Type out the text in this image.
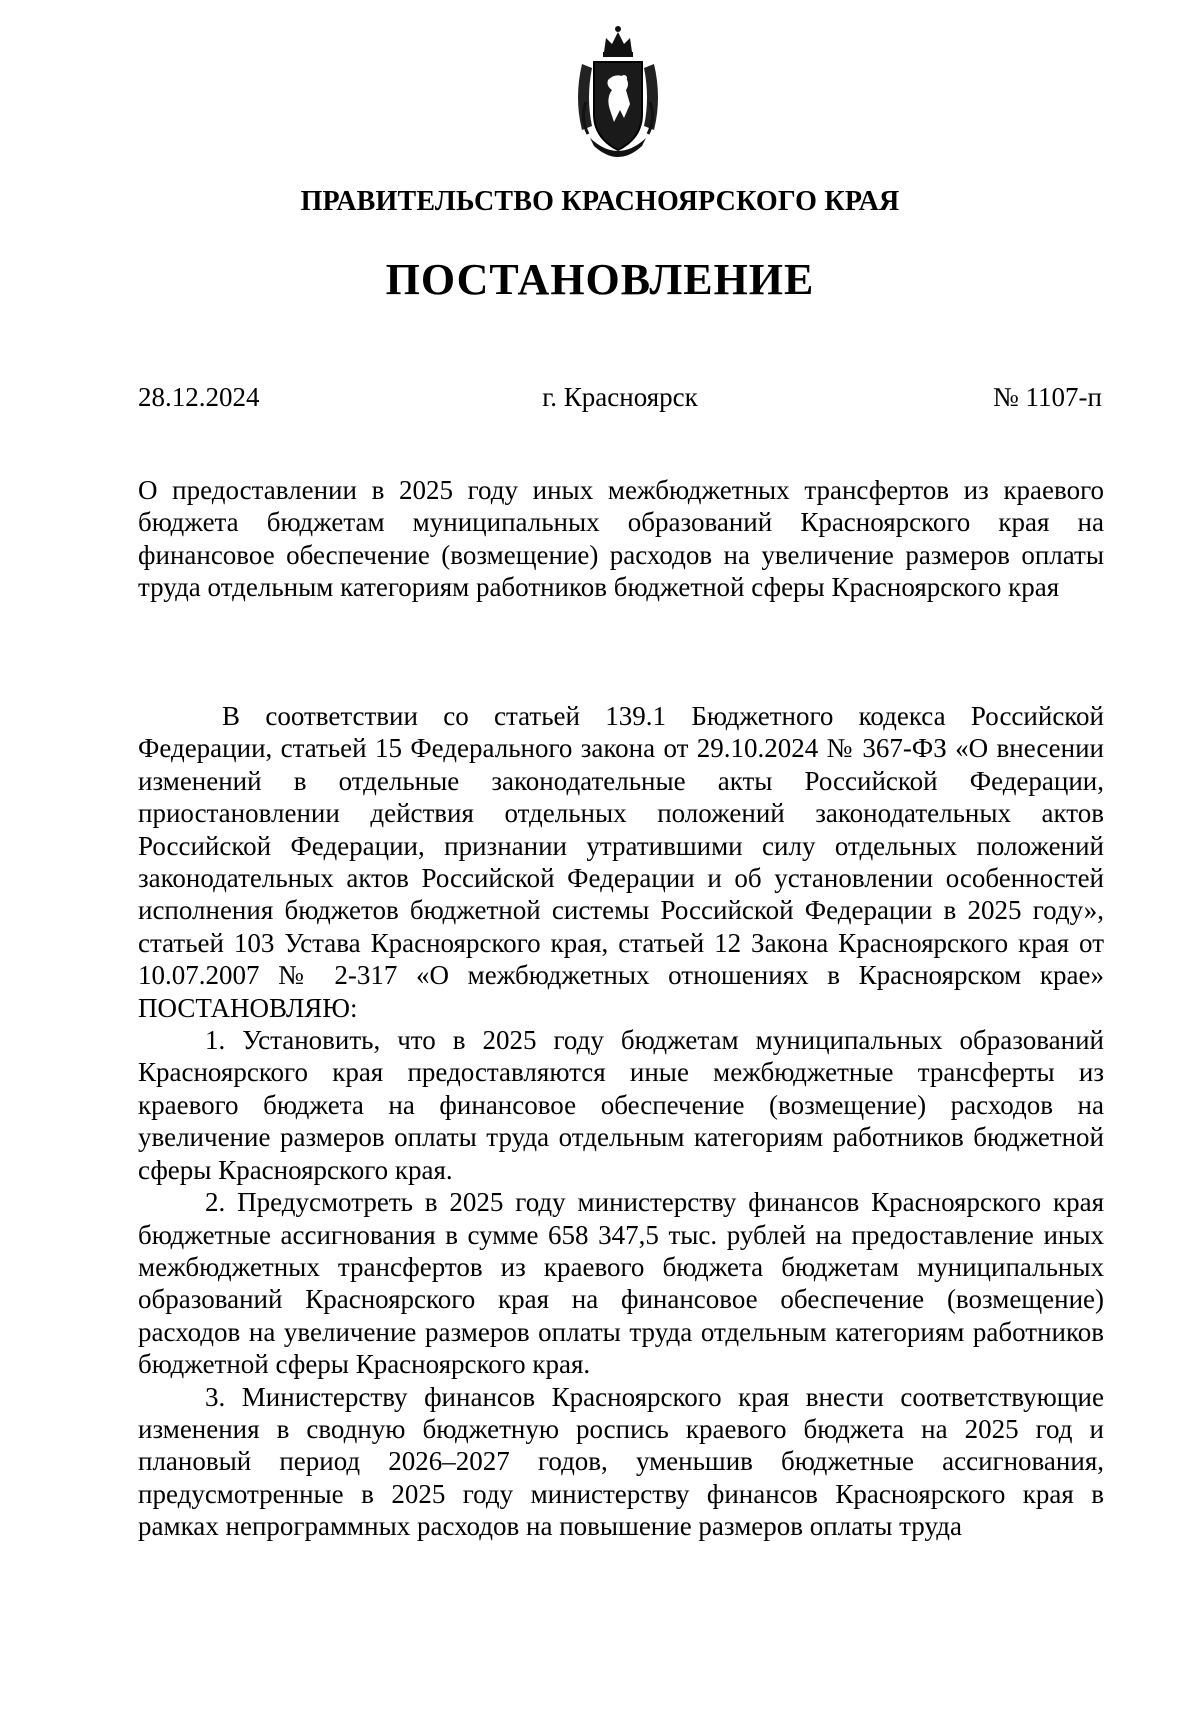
ПРАВИТЕЛЬСТВО КРАСНОЯРСКОГО КРАЯ
ПОСТАНОВЛЕНИЕ
28.12.2024	г. Красноярск	№ 1107-п
О предоставлении в 2025 году иных межбюджетных трансфертов из краевого бюджета бюджетам муниципальных образований Красноярского края на финансовое обеспечение (возмещение) расходов на увеличение размеров оплаты труда отдельным категориям работников бюджетной сферы Красноярского края

В соответствии со статьей 139.1 Бюджетного кодекса Российской Федерации, статьей 15 Федерального закона от 29.10.2024 № 367-ФЗ «О внесении изменений в отдельные законодательные акты Российской Федерации, приостановлении действия отдельных положений законодательных актов Российской Федерации, признании утратившими силу отдельных положений законодательных актов Российской Федерации и об установлении особенностей исполнения бюджетов бюджетной системы Российской Федерации в 2025 году», статьей 103 Устава Красноярского края, статьей 12 Закона Красноярского края от 10.07.2007 № 2-317 «О межбюджетных отношениях в Красноярском крае» ПОСТАНОВЛЯЮ:

1. Установить, что в 2025 году бюджетам муниципальных образований Красноярского края предоставляются иные межбюджетные трансферты из краевого бюджета на финансовое обеспечение (возмещение) расходов на увеличение размеров оплаты труда отдельным категориям работников бюджетной сферы Красноярского края.

2. Предусмотреть в 2025 году министерству финансов Красноярского края бюджетные ассигнования в сумме 658 347,5 тыс. рублей на предоставление иных межбюджетных трансфертов из краевого бюджета бюджетам муниципальных образований Красноярского края на финансовое обеспечение (возмещение) расходов на увеличение размеров оплаты труда отдельным категориям работников бюджетной сферы Красноярского края.

3. Министерству финансов Красноярского края внести соответствующие изменения в сводную бюджетную роспись краевого бюджета на 2025 год и плановый период 2026–2027 годов, уменьшив бюджетные ассигнования, предусмотренные в 2025 году министерству финансов Красноярского края в рамках непрограммных расходов на повышение размеров оплаты труда
